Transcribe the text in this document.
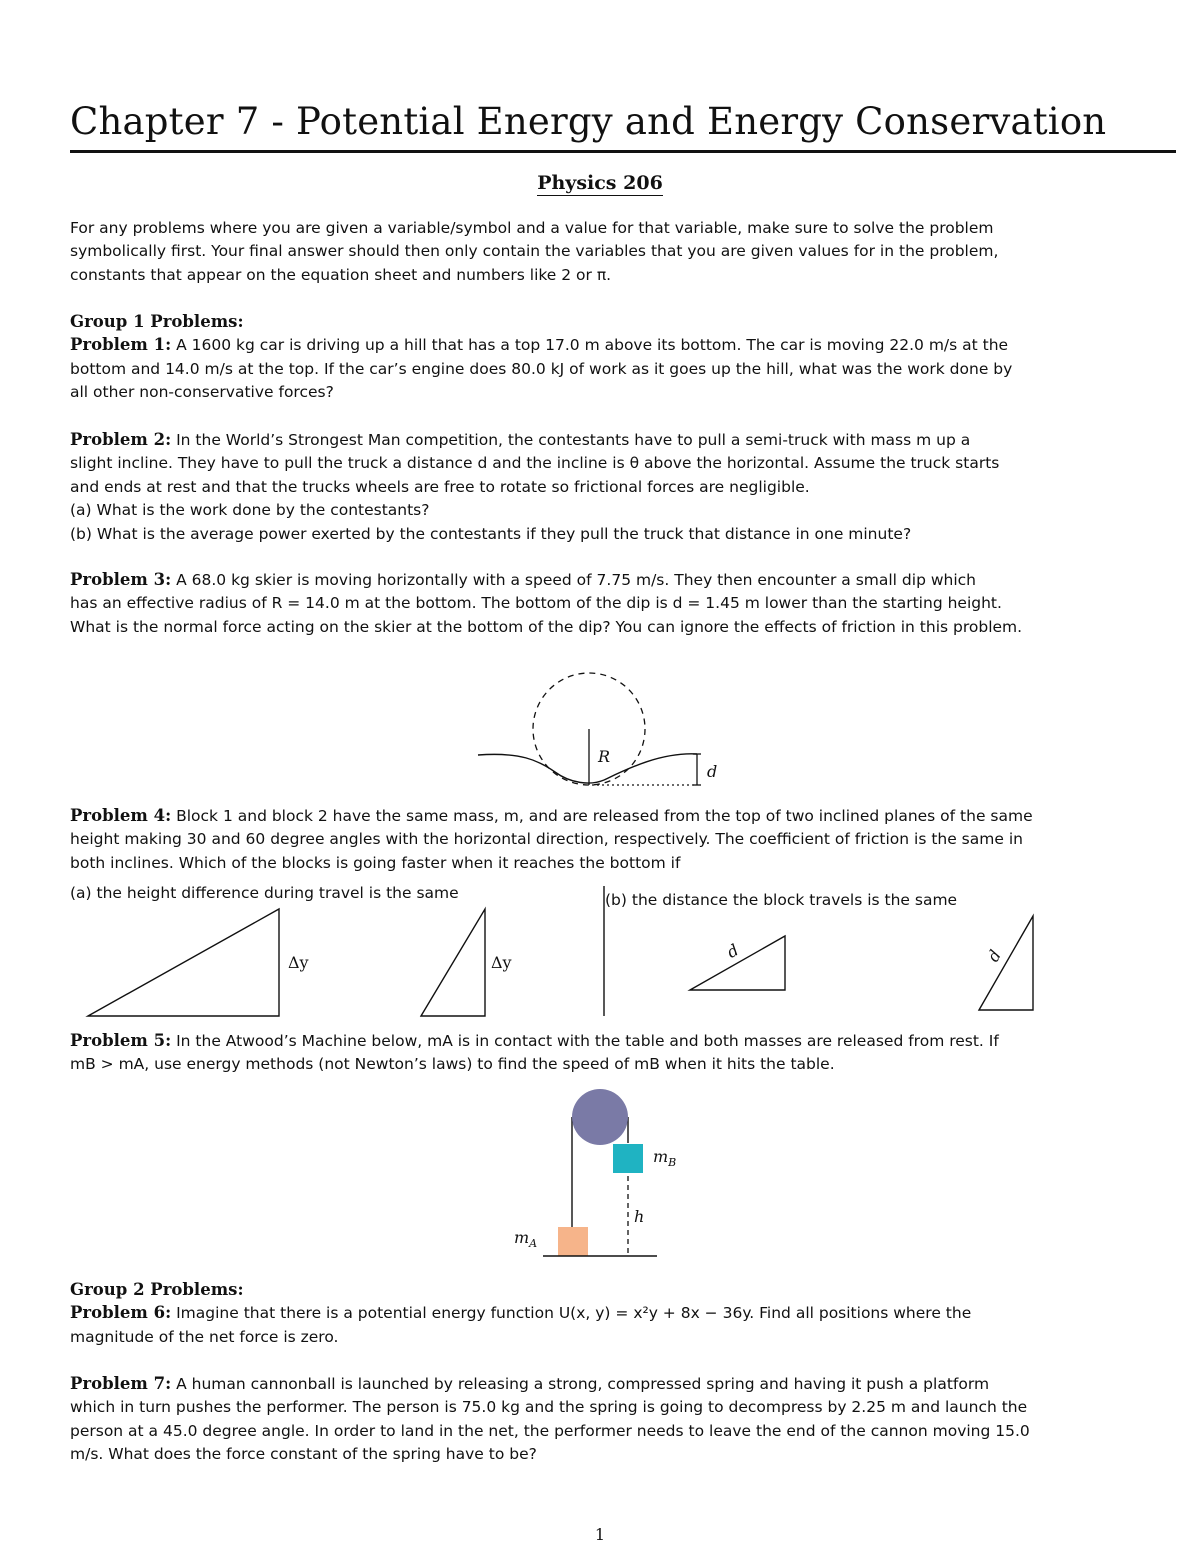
Chapter 7 - Potential Energy and Energy Conservation
Physics 206
For any problems where you are given a variable/symbol and a value for that variable, make sure to solve the problem
symbolically first. Your final answer should then only contain the variables that you are given values for in the problem,
constants that appear on the equation sheet and numbers like 2 or π.
Group 1 Problems:
Problem 1: A 1600 kg car is driving up a hill that has a top 17.0 m above its bottom. The car is moving 22.0 m/s at the
bottom and 14.0 m/s at the top. If the car’s engine does 80.0 kJ of work as it goes up the hill, what was the work done by
all other non-conservative forces?
Problem 2: In the World’s Strongest Man competition, the contestants have to pull a semi-truck with mass m up a
slight incline. They have to pull the truck a distance d and the incline is θ above the horizontal. Assume the truck starts
and ends at rest and that the trucks wheels are free to rotate so frictional forces are negligible.
(a) What is the work done by the contestants?
(b) What is the average power exerted by the contestants if they pull the truck that distance in one minute?
Problem 3: A 68.0 kg skier is moving horizontally with a speed of 7.75 m/s. They then encounter a small dip which
has an effective radius of R = 14.0 m at the bottom. The bottom of the dip is d = 1.45 m lower than the starting height.
What is the normal force acting on the skier at the bottom of the dip? You can ignore the effects of friction in this problem.
R
d
Problem 4: Block 1 and block 2 have the same mass, m, and are released from the top of two inclined planes of the same
height making 30 and 60 degree angles with the horizontal direction, respectively. The coefficient of friction is the same in
both inclines. Which of the blocks is going faster when it reaches the bottom if
(a) the height difference during travel is the same	(b) the distance the block travels is the same
Δy	Δy
d	d
Problem 5: In the Atwood’s Machine below, mA is in contact with the table and both masses are released from rest. If
mB > mA, use energy methods (not Newton’s laws) to find the speed of mB when it hits the table.
$m_B$
h
$m_A$
Group 2 Problems:
Problem 6: Imagine that there is a potential energy function U(x, y) = x²y + 8x − 36y. Find all positions where the
magnitude of the net force is zero.
Problem 7: A human cannonball is launched by releasing a strong, compressed spring and having it push a platform
which in turn pushes the performer. The person is 75.0 kg and the spring is going to decompress by 2.25 m and launch the
person at a 45.0 degree angle. In order to land in the net, the performer needs to leave the end of the cannon moving 15.0
m/s. What does the force constant of the spring have to be?
1
